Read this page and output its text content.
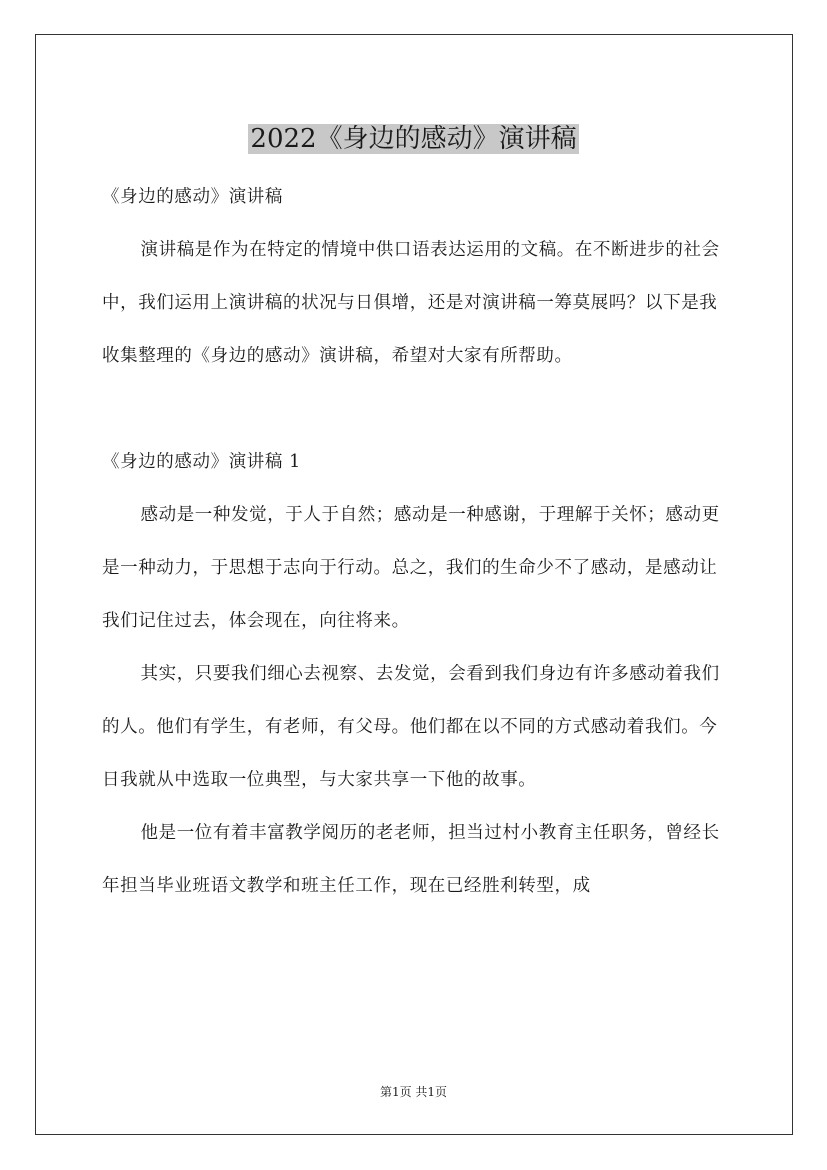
2022《身边的感动》演讲稿

《身边的感动》演讲稿

演讲稿是作为在特定的情境中供口语表达运用的文稿。在不断进步的社会中，我们运用上演讲稿的状况与日俱增，还是对演讲稿一筹莫展吗？以下是我收集整理的《身边的感动》演讲稿，希望对大家有所帮助。

《身边的感动》演讲稿 1

感动是一种发觉，于人于自然；感动是一种感谢，于理解于关怀；感动更是一种动力，于思想于志向于行动。总之，我们的生命少不了感动，是感动让我们记住过去，体会现在，向往将来。

其实，只要我们细心去视察、去发觉，会看到我们身边有许多感动着我们的人。他们有学生，有老师，有父母。他们都在以不同的方式感动着我们。今日我就从中选取一位典型，与大家共享一下他的故事。

他是一位有着丰富教学阅历的老老师，担当过村小教育主任职务，曾经长年担当毕业班语文教学和班主任工作，现在已经胜利转型，成

第1页 共1页
